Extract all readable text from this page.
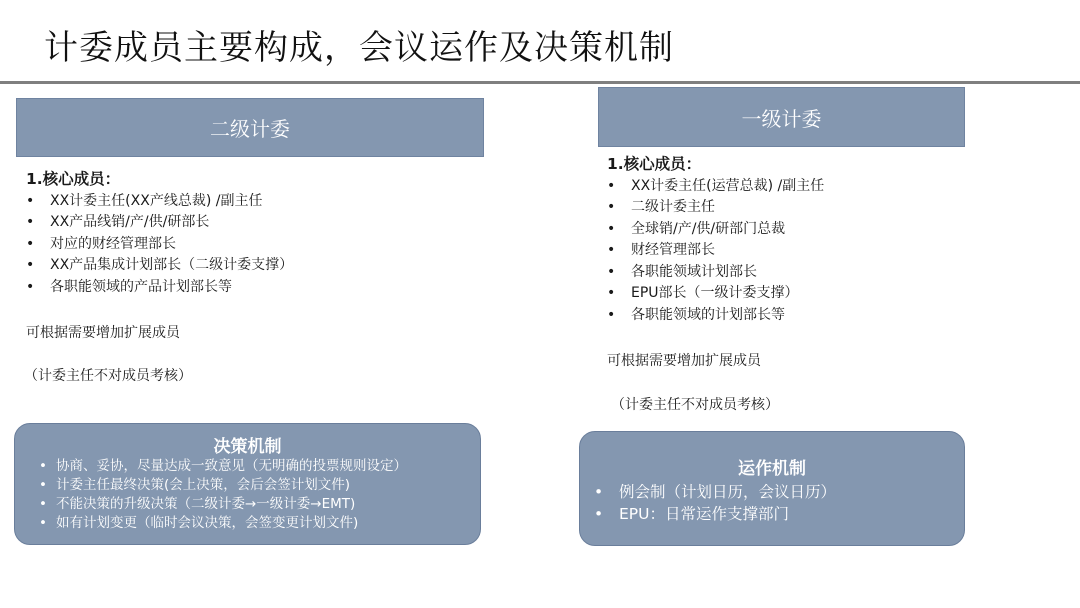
计委成员主要构成，会议运作及决策机制
二级计委
1.核心成员：
• XX计委主任(XX产线总裁) /副主任
• XX产品线销/产/供/研部长
• 对应的财经管理部长
• XX产品集成计划部长（二级计委支撑）
• 各职能领域的产品计划部长等
可根据需要增加扩展成员
（计委主任不对成员考核）
决策机制
• 协商、妥协，尽量达成一致意见（无明确的投票规则设定）
• 计委主任最终决策(会上决策，会后会签计划文件)
• 不能决策的升级决策（二级计委→一级计委→EMT)
• 如有计划变更（临时会议决策，会签变更计划文件)
一级计委
1.核心成员：
• XX计委主任(运营总裁) /副主任
• 二级计委主任
• 全球销/产/供/研部门总裁
• 财经管理部长
• 各职能领域计划部长
• EPU部长（一级计委支撑）
• 各职能领域的计划部长等
可根据需要增加扩展成员
（计委主任不对成员考核）
运作机制
• 例会制（计划日历，会议日历）
• EPU：日常运作支撑部门
